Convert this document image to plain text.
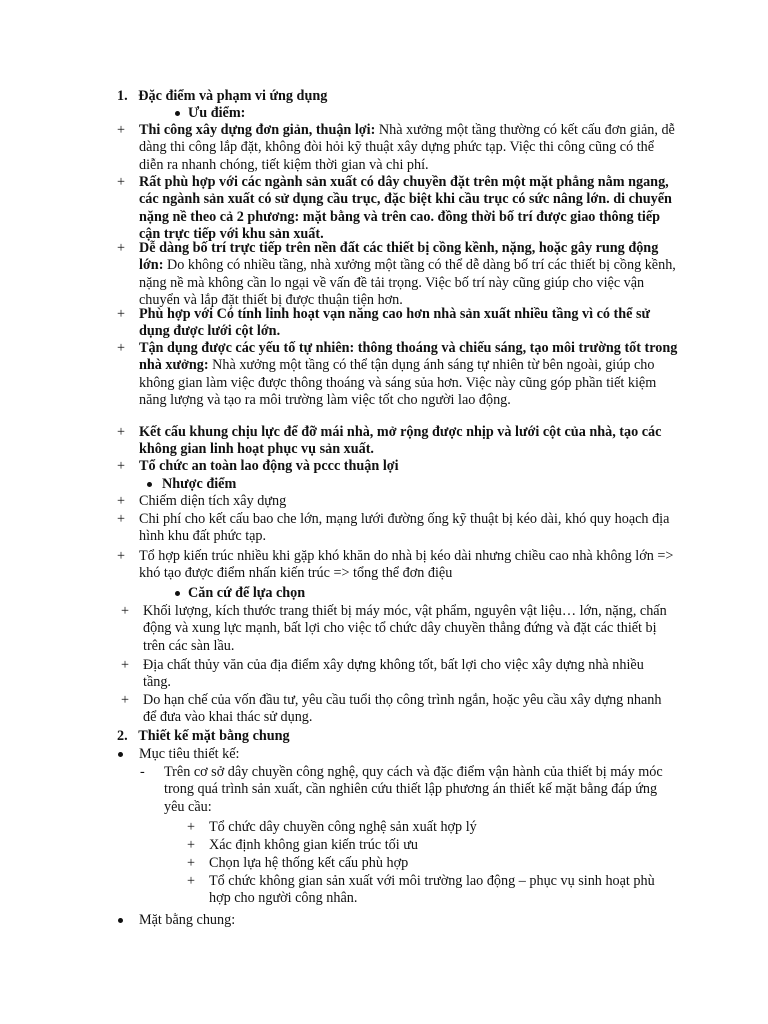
1. Đặc điểm và phạm vi ứng dụng
Ưu điểm:
+ Thi công xây dựng đơn giản, thuận lợi: Nhà xưởng một tầng thường có kết cấu đơn giản, dễ dàng thi công lắp đặt, không đòi hỏi kỹ thuật xây dựng phức tạp. Việc thi công cũng có thể diễn ra nhanh chóng, tiết kiệm thời gian và chi phí.
+ Rất phù hợp với các ngành sản xuất có dây chuyền đặt trên một mặt phẳng nằm ngang, các ngành sản xuất có sử dụng cầu trục, đặc biệt khi cầu trục có sức nâng lớn. di chuyển nặng nề theo cả 2 phương: mặt bằng và trên cao. đồng thời bố trí được giao thông tiếp cận trực tiếp với khu sản xuất.
+ Dễ dàng bố trí trực tiếp trên nền đất các thiết bị cồng kềnh, nặng, hoặc gây rung động lớn: Do không có nhiều tầng, nhà xưởng một tầng có thể dễ dàng bố trí các thiết bị cồng kềnh, nặng nề mà không cần lo ngại về vấn đề tải trọng. Việc bố trí này cũng giúp cho việc vận chuyển và lắp đặt thiết bị được thuận tiện hơn.
+ Phù hợp với Có tính linh hoạt vạn năng cao hơn nhà sản xuất nhiều tầng vì có thể sử dụng được lưới cột lớn.
+ Tận dụng được các yếu tố tự nhiên: thông thoáng và chiếu sáng, tạo môi trường tốt trong nhà xưởng: Nhà xưởng một tầng có thể tận dụng ánh sáng tự nhiên từ bên ngoài, giúp cho không gian làm việc được thông thoáng và sáng sủa hơn. Việc này cũng góp phần tiết kiệm năng lượng và tạo ra môi trường làm việc tốt cho người lao động.
+ Kết cấu khung chịu lực để đỡ mái nhà, mở rộng được nhịp và lưới cột của nhà, tạo các không gian linh hoạt phục vụ sản xuất.
+ Tổ chức an toàn lao động và pccc thuận lợi
Nhược điểm
+ Chiếm diện tích xây dựng
+ Chi phí cho kết cấu bao che lớn, mạng lưới đường ống kỹ thuật bị kéo dài, khó quy hoạch địa hình khu đất phức tạp.
+ Tổ hợp kiến trúc nhiều khi gặp khó khăn do nhà bị kéo dài nhưng chiều cao nhà không lớn => khó tạo được điểm nhấn kiến trúc => tổng thể đơn điệu
Căn cứ để lựa chọn
+ Khối lượng, kích thước trang thiết bị máy móc, vật phẩm, nguyên vật liệu… lớn, nặng, chấn động và xung lực mạnh, bất lợi cho việc tổ chức dây chuyền thẳng đứng và đặt các thiết bị trên các sàn lầu.
+ Địa chất thủy văn của địa điểm xây dựng không tốt, bất lợi cho việc xây dựng nhà nhiều tầng.
+ Do hạn chế của vốn đầu tư, yêu cầu tuổi thọ công trình ngắn, hoặc yêu cầu xây dựng nhanh để đưa vào khai thác sử dụng.
2. Thiết kế mặt bằng chung
Mục tiêu thiết kế:
- Trên cơ sở dây chuyền công nghệ, quy cách và đặc điểm vận hành của thiết bị máy móc trong quá trình sản xuất, cần nghiên cứu thiết lập phương án thiết kế mặt bằng đáp ứng yêu cầu:
+ Tổ chức dây chuyền công nghệ sản xuất hợp lý
+ Xác định không gian kiến trúc tối ưu
+ Chọn lựa hệ thống kết cấu phù hợp
+ Tổ chức không gian sản xuất với môi trường lao động – phục vụ sinh hoạt phù hợp cho người công nhân.
Mặt bằng chung:
